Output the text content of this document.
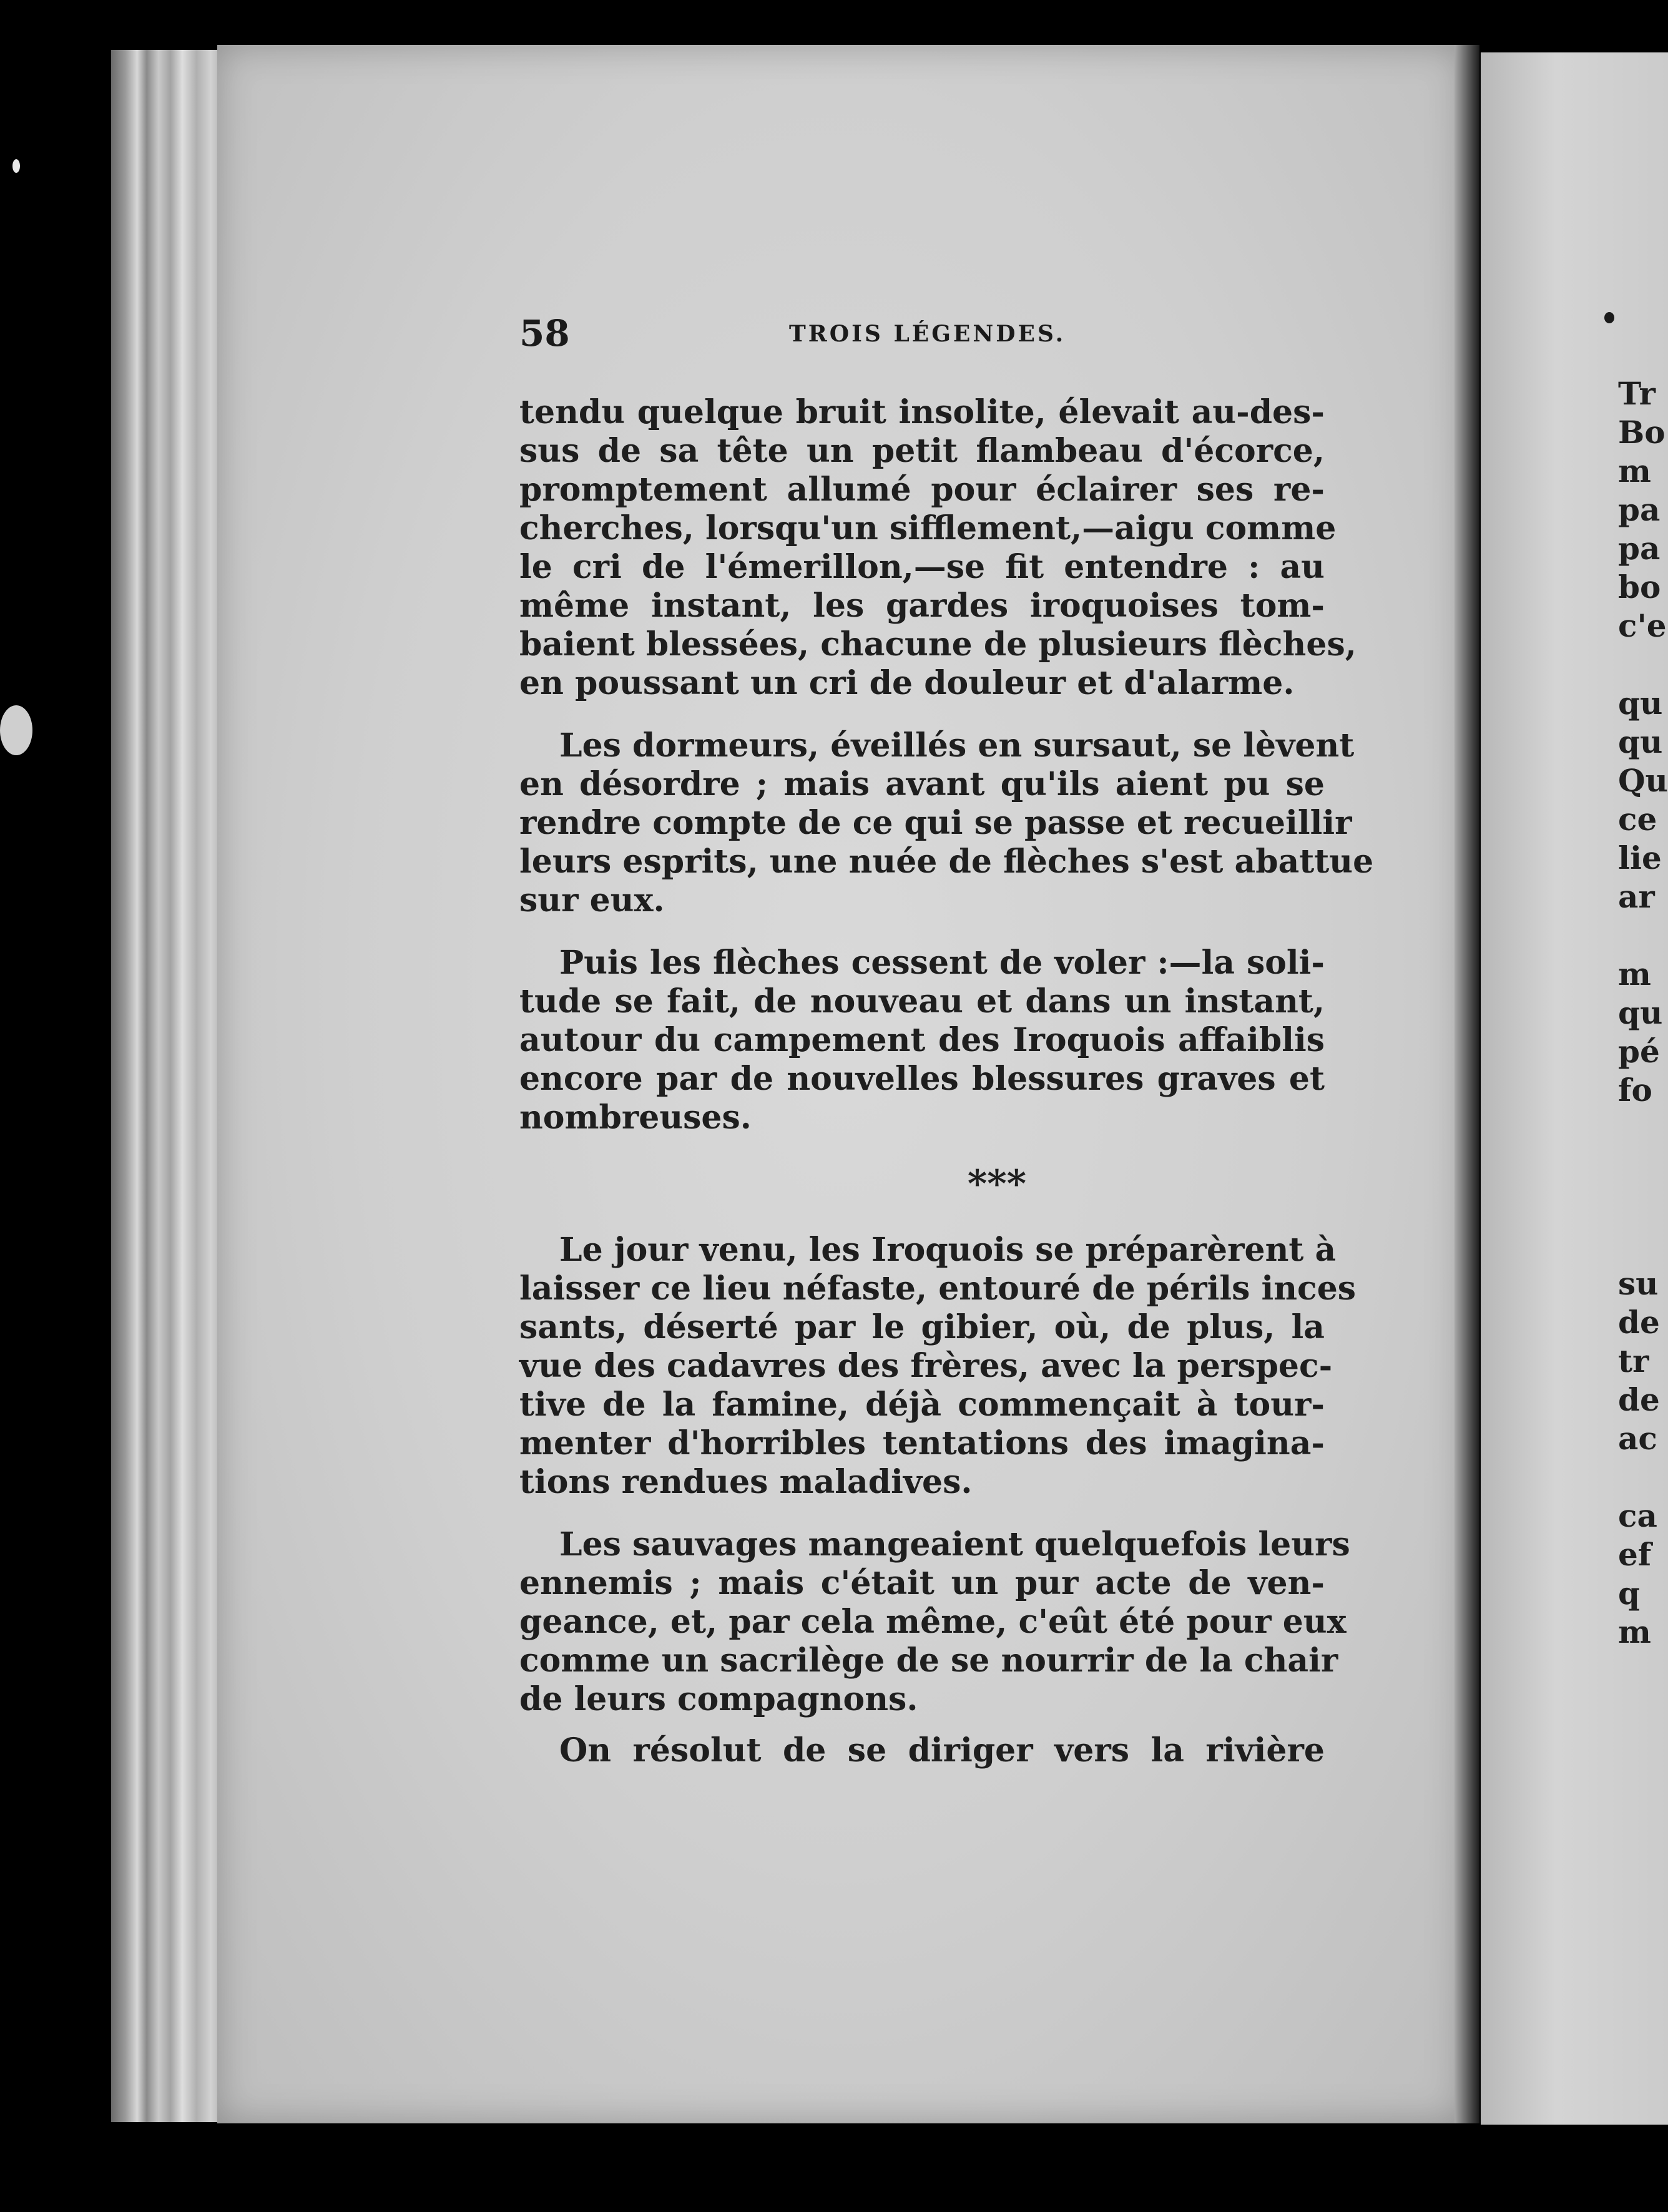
58	TROIS LÉGENDES.
tendu quelque bruit insolite, élevait au-des-
sus de sa tête un petit flambeau d'écorce,
promptement allumé pour éclairer ses re-
cherches, lorsqu'un sifflement,—aigu comme
le cri de l'émerillon,—se fit entendre : au
même instant, les gardes iroquoises tom-
baient blessées, chacune de plusieurs flèches,
en poussant un cri de douleur et d'alarme.
Les dormeurs, éveillés en sursaut, se lèvent
en désordre ; mais avant qu'ils aient pu se
rendre compte de ce qui se passe et recueillir
leurs esprits, une nuée de flèches s'est abattue
sur eux.
Puis les flèches cessent de voler :—la soli-
tude se fait, de nouveau et dans un instant,
autour du campement des Iroquois affaiblis
encore par de nouvelles blessures graves et
nombreuses.
***
Le jour venu, les Iroquois se préparèrent à
laisser ce lieu néfaste, entouré de périls inces
sants, déserté par le gibier, où, de plus, la
vue des cadavres des frères, avec la perspec-
tive de la famine, déjà commençait à tour-
menter d'horribles tentations des imagina-
tions rendues maladives.
Les sauvages mangeaient quelquefois leurs
ennemis ; mais c'était un pur acte de ven-
geance, et, par cela même, c'eût été pour eux
comme un sacrilège de se nourrir de la chair
de leurs compagnons.
On résolut de se diriger vers la rivière
Tr
Bo
m
pa
pa
bo
c'e
qu
qu
Qu
ce
lie
ar
m
qu
pé
fo
su
de
tr
de
ac
ca
ef
q
m
